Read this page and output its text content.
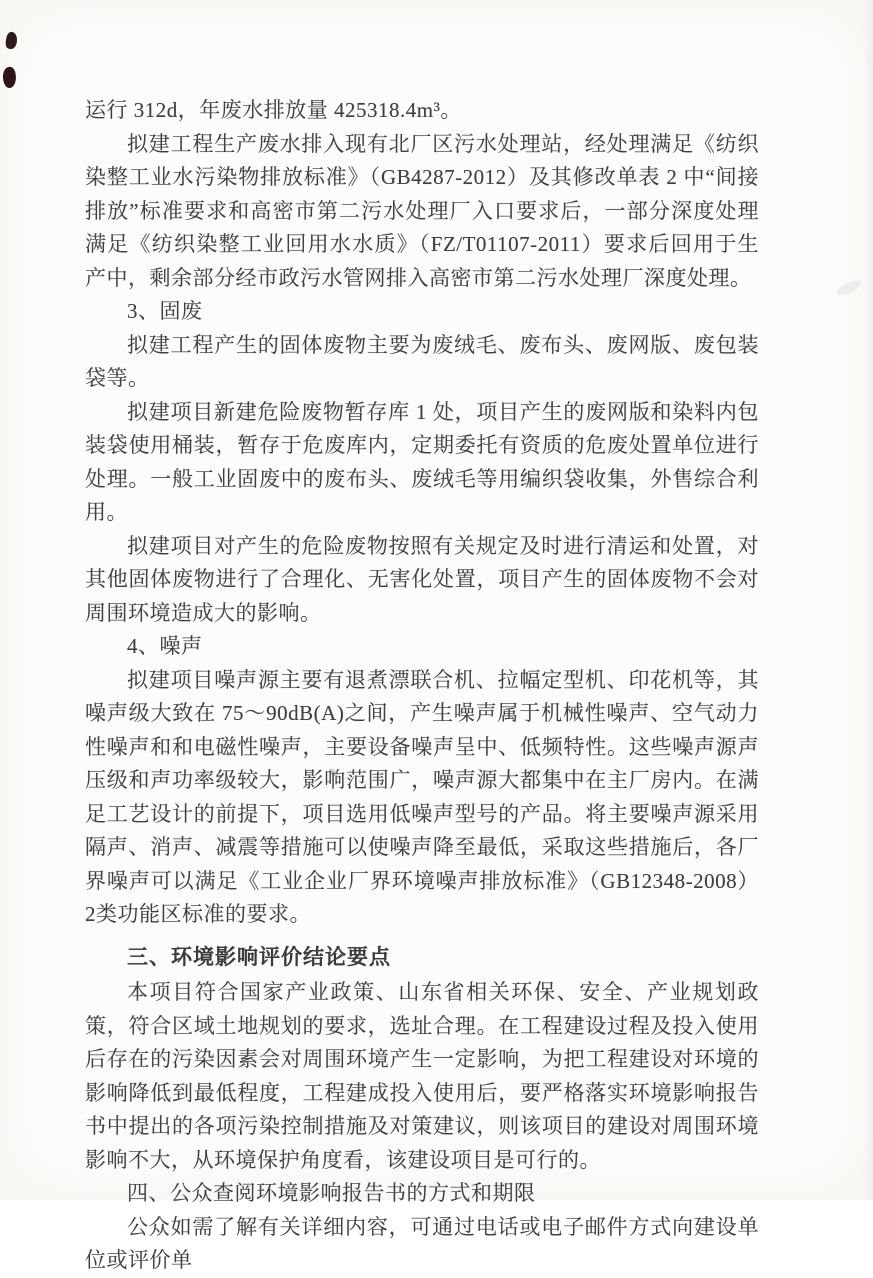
运行 312d，年废水排放量 425318.4m³。

拟建工程生产废水排入现有北厂区污水处理站，经处理满足《纺织染整工业水污染物排放标准》（GB4287-2012）及其修改单表 2 中“间接排放”标准要求和高密市第二污水处理厂入口要求后，一部分深度处理满足《纺织染整工业回用水水质》（FZ/T01107-2011）要求后回用于生产中，剩余部分经市政污水管网排入高密市第二污水处理厂深度处理。

3、固废

拟建工程产生的固体废物主要为废绒毛、废布头、废网版、废包装袋等。

拟建项目新建危险废物暂存库 1 处，项目产生的废网版和染料内包装袋使用桶装，暂存于危废库内，定期委托有资质的危废处置单位进行处理。一般工业固废中的废布头、废绒毛等用编织袋收集，外售综合利用。

拟建项目对产生的危险废物按照有关规定及时进行清运和处置，对其他固体废物进行了合理化、无害化处置，项目产生的固体废物不会对周围环境造成大的影响。

4、噪声

拟建项目噪声源主要有退煮漂联合机、拉幅定型机、印花机等，其噪声级大致在 75～90dB(A)之间，产生噪声属于机械性噪声、空气动力性噪声和和电磁性噪声，主要设备噪声呈中、低频特性。这些噪声源声压级和声功率级较大，影响范围广，噪声源大都集中在主厂房内。在满足工艺设计的前提下，项目选用低噪声型号的产品。将主要噪声源采用隔声、消声、减震等措施可以使噪声降至最低，采取这些措施后，各厂界噪声可以满足《工业企业厂界环境噪声排放标准》（GB12348-2008）2类功能区标准的要求。

三、环境影响评价结论要点

本项目符合国家产业政策、山东省相关环保、安全、产业规划政策，符合区域土地规划的要求，选址合理。在工程建设过程及投入使用后存在的污染因素会对周围环境产生一定影响，为把工程建设对环境的影响降低到最低程度，工程建成投入使用后，要严格落实环境影响报告书中提出的各项污染控制措施及对策建议，则该项目的建设对周围环境影响不大，从环境保护角度看，该建设项目是可行的。

四、公众查阅环境影响报告书的方式和期限

公众如需了解有关详细内容，可通过电话或电子邮件方式向建设单位或评价单
